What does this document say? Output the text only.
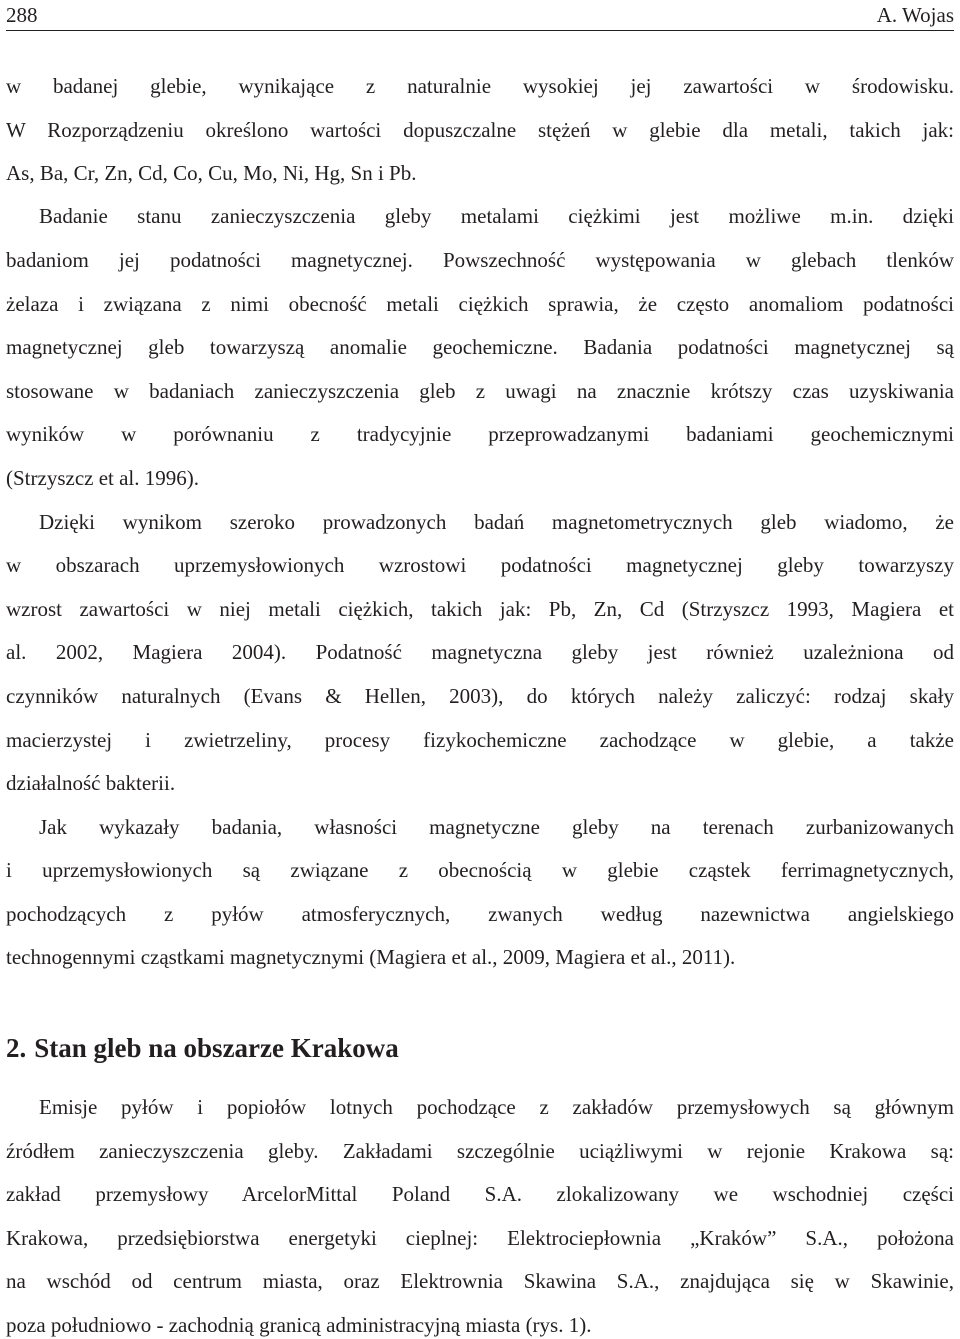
288	A. Wojas

w badanej glebie, wynikające z naturalnie wysokiej jej zawartości w środowisku.

W Rozporządzeniu określono wartości dopuszczalne stężeń w glebie dla metali, takich jak:

As, Ba, Cr, Zn, Cd, Co, Cu, Mo, Ni, Hg, Sn i Pb.

Badanie stanu zanieczyszczenia gleby metalami ciężkimi jest możliwe m.in. dzięki

badaniom jej podatności magnetycznej. Powszechność występowania w glebach tlenków

żelaza i związana z nimi obecność metali ciężkich sprawia, że często anomaliom podatności

magnetycznej gleb towarzyszą anomalie geochemiczne. Badania podatności magnetycznej są

stosowane w badaniach zanieczyszczenia gleb z uwagi na znacznie krótszy czas uzyskiwania

wyników w porównaniu z tradycyjnie przeprowadzanymi badaniami geochemicznymi

(Strzyszcz et al. 1996).

Dzięki wynikom szeroko prowadzonych badań magnetometrycznych gleb wiadomo, że

w obszarach uprzemysłowionych wzrostowi podatności magnetycznej gleby towarzyszy

wzrost zawartości w niej metali ciężkich, takich jak: Pb, Zn, Cd (Strzyszcz 1993, Magiera et

al. 2002, Magiera 2004). Podatność magnetyczna gleby jest również uzależniona od

czynników naturalnych (Evans & Hellen, 2003), do których należy zaliczyć: rodzaj skały

macierzystej i zwietrzeliny, procesy fizykochemiczne zachodzące w glebie, a także

działalność bakterii.

Jak wykazały badania, własności magnetyczne gleby na terenach zurbanizowanych

i uprzemysłowionych są związane z obecnością w glebie cząstek ferrimagnetycznych,

pochodzących z pyłów atmosferycznych, zwanych według nazewnictwa angielskiego

technogennymi cząstkami magnetycznymi (Magiera et al., 2009, Magiera et al., 2011).

2. Stan gleb na obszarze Krakowa

Emisje pyłów i popiołów lotnych pochodzące z zakładów przemysłowych są głównym

źródłem zanieczyszczenia gleby. Zakładami szczególnie uciążliwymi w rejonie Krakowa są:

zakład przemysłowy ArcelorMittal Poland S.A. zlokalizowany we wschodniej części

Krakowa, przedsiębiorstwa energetyki cieplnej: Elektrociepłownia „Kraków” S.A., położona

na wschód od centrum miasta, oraz Elektrownia Skawina S.A., znajdująca się w Skawinie,

poza południowo - zachodnią granicą administracyjną miasta (rys. 1).
